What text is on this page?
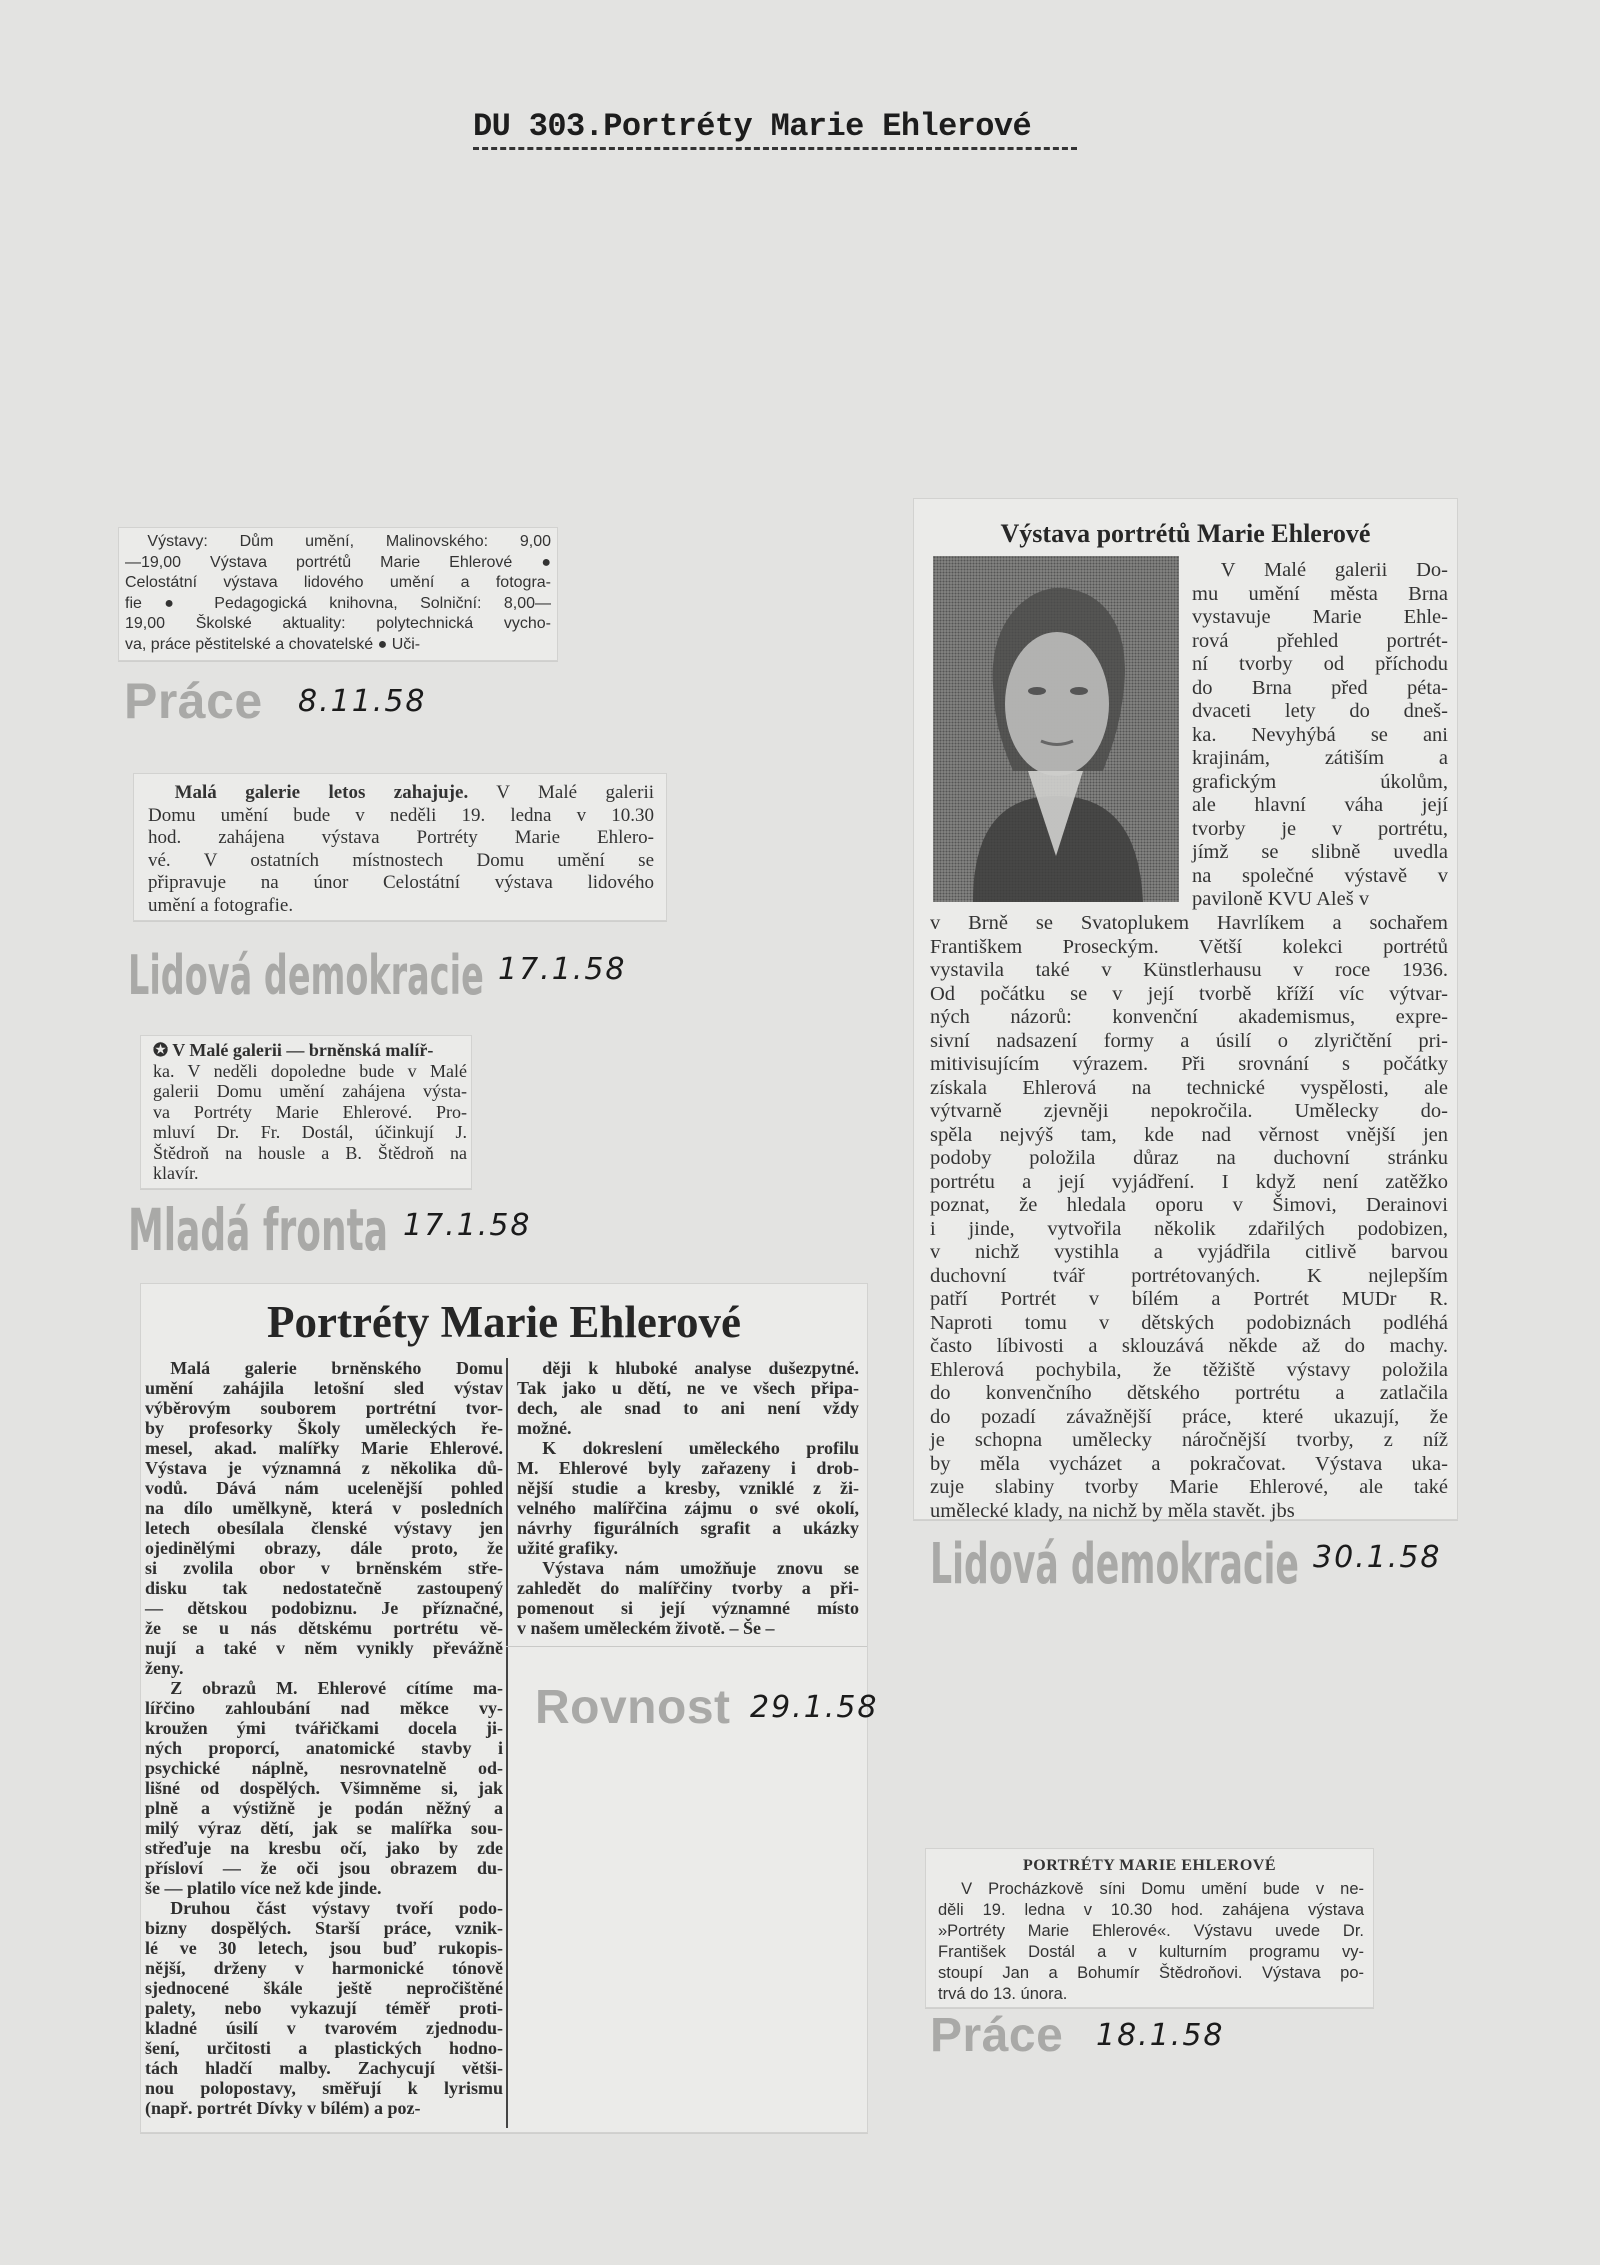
DU 303.Portréty Marie Ehlerové
Výstavy: Dům umění, Malinovského: 9,00
—19,00 Výstava portrétů Marie Ehlerové ●
Celostátní výstava lidového umění a fotogra-
fie ● Pedagogická knihovna, Solniční: 8,00—
19,00 Školské aktuality: polytechnická vycho-
va, práce pěstitelské a chovatelské ● Uči-
Práce 8.11.58
Malá galerie letos zahajuje. V Malé galerii
Domu umění bude v neděli 19. ledna v 10.30
hod. zahájena výstava Portréty Marie Ehlero-
vé. V ostatních místnostech Domu umění se
připravuje na únor Celostátní výstava lidového
umění a fotografie.
Lidová demokracie 17.1.58
✪ V Malé galerii — brněnská malíř-
ka. V neděli dopoledne bude v Malé
galerii Domu umění zahájena výsta-
va Portréty Marie Ehlerové. Pro-
mluví Dr. Fr. Dostál, účinkují J.
Štědroň na housle a B. Štědroň na
klavír.
Mladá fronta 17.1.58
Portréty Marie Ehlerové
Malá galerie brněnského Domu
umění zahájila letošní sled výstav
výběrovým souborem portrétní tvor-
by profesorky Školy uměleckých ře-
mesel, akad. malířky Marie Ehlerové.
Výstava je významná z několika dů-
vodů. Dává nám ucelenější pohled
na dílo umělkyně, která v posledních
letech obesílala členské výstavy jen
ojedinělými obrazy, dále proto, že
si zvolila obor v brněnském stře-
disku tak nedostatečně zastoupený
— dětskou podobiznu. Je příznačné,
že se u nás dětskému portrétu vě-
nují a také v něm vynikly převážně
ženy.
Z obrazů M. Ehlerové cítíme ma-
lířčino zahloubání nad měkce vy-
kroužen ými tvářičkami docela ji-
ných proporcí, anatomické stavby i
psychické náplně, nesrovnatelně od-
lišné od dospělých. Všimněme si, jak
plně a výstižně je podán něžný a
milý výraz dětí, jak se malířka sou-
střeďuje na kresbu očí, jako by zde
přísloví — že oči jsou obrazem du-
še — platilo více než kde jinde.
Druhou část výstavy tvoří podo-
bizny dospělých. Starší práce, vznik-
lé ve 30 letech, jsou buď rukopis-
nější, drženy v harmonické tónově
sjednocené škále ještě nepročištěné
palety, nebo vykazují téměř proti-
kladné úsilí v tvarovém zjednodu-
šení, určitosti a plastických hodno-
tách hladčí malby. Zachycují větši-
nou polopostavy, směřují k lyrismu
(např. portrét Dívky v bílém) a poz-
ději k hluboké analyse dušezpytné.
Tak jako u dětí, ne ve všech připa-
dech, ale snad to ani není vždy
možné.
K dokreslení uměleckého profilu
M. Ehlerové byly zařazeny i drob-
nější studie a kresby, vzniklé z ži-
velného malířčina zájmu o své okolí,
návrhy figurálních sgrafit a ukázky
užité grafiky.
Výstava nám umožňuje znovu se
zahledět do malířčiny tvorby a při-
pomenout si její významné místo
v našem uměleckém životě. – Še –
Rovnost 29.1.58
Výstava portrétů Marie Ehlerové
V Malé galerii Do-
mu umění města Brna
vystavuje Marie Ehle-
rová přehled portrét-
ní tvorby od příchodu
do Brna před péta-
dvaceti lety do dneš-
ka. Nevyhýbá se ani
krajinám, zátiším a
grafickým úkolům,
ale hlavní váha její
tvorby je v portrétu,
jímž se slibně uvedla
na společné výstavě v
paviloně KVU Aleš v
v Brně se Svatoplukem Havrlíkem a sochařem
Františkem Proseckým. Větší kolekci portrétů
vystavila také v Künstlerhausu v roce 1936.
Od počátku se v její tvorbě kříží víc výtvar-
ných názorů: konvenční akademismus, expre-
sivní nadsazení formy a úsilí o zlyričtění pri-
mitivisujícím výrazem. Při srovnání s počátky
získala Ehlerová na technické vyspělosti, ale
výtvarně zjevněji nepokročila. Umělecky do-
spěla nejvýš tam, kde nad věrnost vnější jen
podoby položila důraz na duchovní stránku
portrétu a její vyjádření. I když není zatěžko
poznat, že hledala oporu v Šimovi, Derainovi
i jinde, vytvořila několik zdařilých podobizen,
v nichž vystihla a vyjádřila citlivě barvou
duchovní tvář portrétovaných. K nejlepším
patří Portrét v bílém a Portrét MUDr R.
Naproti tomu v dětských podobiznách podléhá
často líbivosti a sklouzává někde až do machy.
Ehlerová pochybila, že těžiště výstavy položila
do konvenčního dětského portrétu a zatlačila
do pozadí závažnější práce, které ukazují, že
je schopna umělecky náročnější tvorby, z níž
by měla vycházet a pokračovat. Výstava uka-
zuje slabiny tvorby Marie Ehlerové, ale také
umělecké klady, na nichž by měla stavět. jbs
Lidová demokracie 30.1.58
PORTRÉTY MARIE EHLEROVÉ
V Procházkově síni Domu umění bude v ne-
děli 19. ledna v 10.30 hod. zahájena výstava
»Portréty Marie Ehlerové«. Výstavu uvede Dr.
František Dostál a v kulturním programu vy-
stoupí Jan a Bohumír Štědroňovi. Výstava po-
trvá do 13. února.
Práce 18.1.58
